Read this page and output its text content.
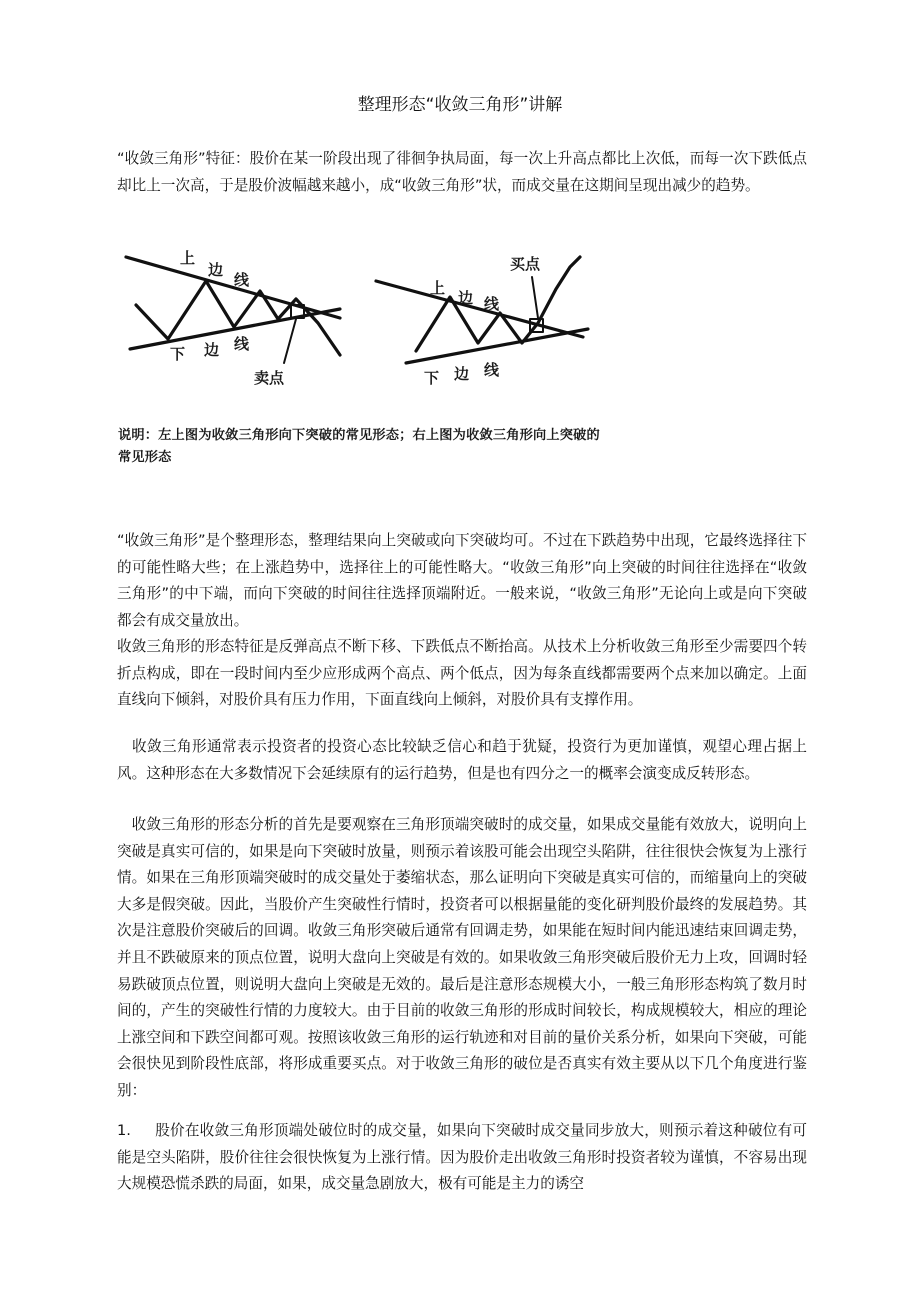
整理形态“收敛三角形”讲解

“收敛三角形”特征：股价在某一阶段出现了徘徊争执局面，每一次上升高点都比上次低，而每一次下跌低点却比上一次高，于是股价波幅越来越小，成“收敛三角形”状，而成交量在这期间呈现出减少的趋势。

上
边
线
下 边 线
卖点
上
边 线
下 边 线
买点
说明：左上图为收敛三角形向下突破的常见形态；右上图为收敛三角形向上突破的常见形态

“收敛三角形”是个整理形态，整理结果向上突破或向下突破均可。不过在下跌趋势中出现，它最终选择往下的可能性略大些；在上涨趋势中，选择往上的可能性略大。“收敛三角形”向上突破的时间往往选择在“收敛三角形”的中下端，而向下突破的时间往往选择顶端附近。一般来说，“收敛三角形”无论向上或是向下突破都会有成交量放出。

收敛三角形的形态特征是反弹高点不断下移、下跌低点不断抬高。从技术上分析收敛三角形至少需要四个转折点构成，即在一段时间内至少应形成两个高点、两个低点，因为每条直线都需要两个点来加以确定。上面直线向下倾斜，对股价具有压力作用，下面直线向上倾斜，对股价具有支撑作用。

　收敛三角形通常表示投资者的投资心态比较缺乏信心和趋于犹疑，投资行为更加谨慎，观望心理占据上风。这种形态在大多数情况下会延续原有的运行趋势，但是也有四分之一的概率会演变成反转形态。

　收敛三角形的形态分析的首先是要观察在三角形顶端突破时的成交量，如果成交量能有效放大，说明向上突破是真实可信的，如果是向下突破时放量，则预示着该股可能会出现空头陷阱，往往很快会恢复为上涨行情。如果在三角形顶端突破时的成交量处于萎缩状态，那么证明向下突破是真实可信的，而缩量向上的突破大多是假突破。因此，当股价产生突破性行情时，投资者可以根据量能的变化研判股价最终的发展趋势。其次是注意股价突破后的回调。收敛三角形突破后通常有回调走势，如果能在短时间内能迅速结束回调走势，并且不跌破原来的顶点位置，说明大盘向上突破是有效的。如果收敛三角形突破后股价无力上攻，回调时轻易跌破顶点位置，则说明大盘向上突破是无效的。最后是注意形态规模大小，一般三角形形态构筑了数月时间的，产生的突破性行情的力度较大。由于目前的收敛三角形的形成时间较长，构成规模较大，相应的理论上涨空间和下跌空间都可观。按照该收敛三角形的运行轨迹和对目前的量价关系分析，如果向下突破，可能会很快见到阶段性底部，将形成重要买点。对于收敛三角形的破位是否真实有效主要从以下几个角度进行鉴别：

1. 股价在收敛三角形顶端处破位时的成交量，如果向下突破时成交量同步放大，则预示着这种破位有可能是空头陷阱，股价往往会很快恢复为上涨行情。因为股价走出收敛三角形时投资者较为谨慎，不容易出现大规模恐慌杀跌的局面，如果，成交量急剧放大，极有可能是主力的诱空
